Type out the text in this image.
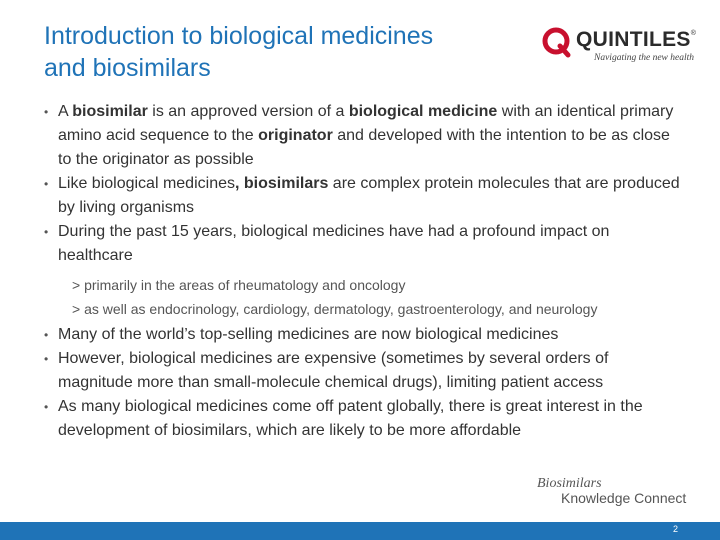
Introduction to biological medicines
and biosimilars
QUINTILES®
Navigating the new health
• A biosimilar is an approved version of a biological medicine with an identical primary amino acid sequence to the originator and developed with the intention to be as close to the originator as possible
• Like biological medicines, biosimilars are complex protein molecules that are produced by living organisms
• During the past 15 years, biological medicines have had a profound impact on healthcare
> primarily in the areas of rheumatology and oncology
> as well as endocrinology, cardiology, dermatology, gastroenterology, and neurology
• Many of the world’s top-selling medicines are now biological medicines
• However, biological medicines are expensive (sometimes by several orders of magnitude more than small-molecule chemical drugs), limiting patient access
• As many biological medicines come off patent globally, there is great interest in the development of biosimilars, which are likely to be more affordable
Biosimilars
Knowledge Connect
2
